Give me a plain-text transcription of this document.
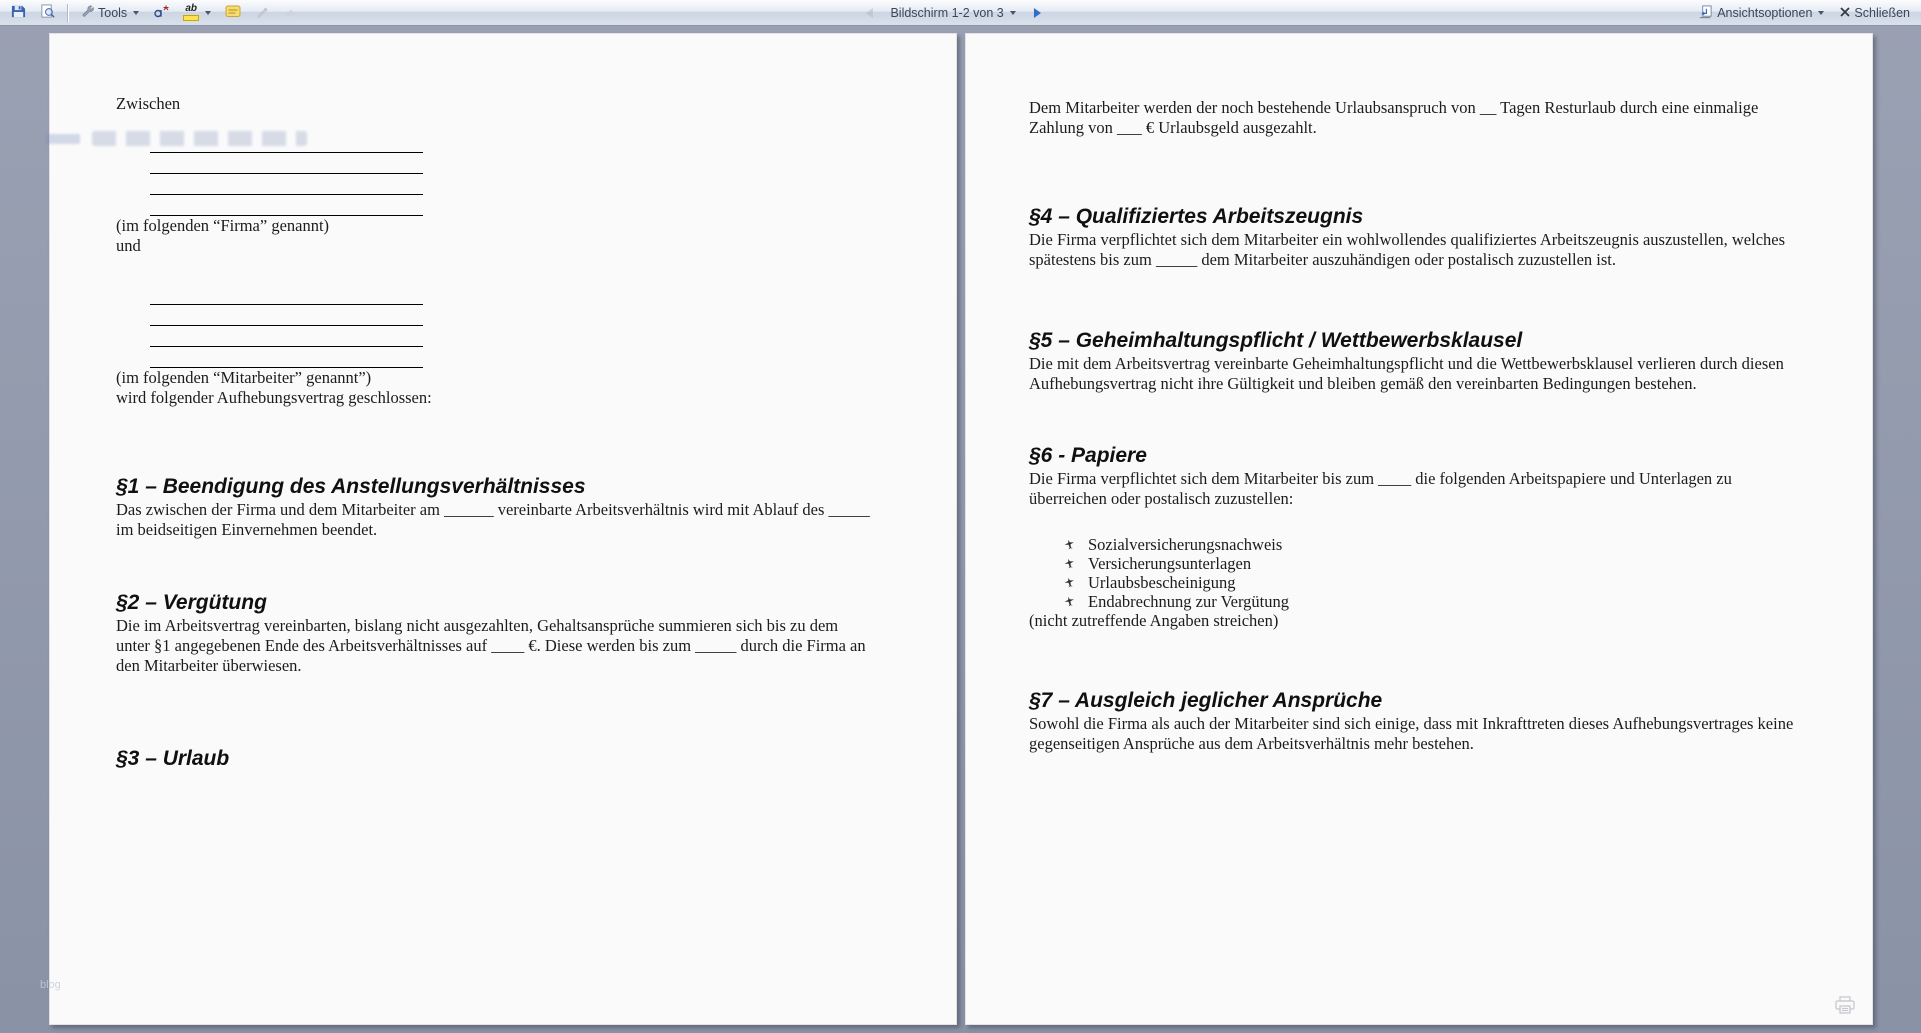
Tools	ab	Bildschirm 1-2 von 3	Ansichtsoptionen	Schließen

Zwischen

(im folgenden “Firma” genannt)

und

(im folgenden “Mitarbeiter” genannt”)

wird folgender Aufhebungsvertrag geschlossen:

§1 – Beendigung des Anstellungsverhältnisses

Das zwischen der Firma und dem Mitarbeiter am ______ vereinbarte Arbeitsverhältnis wird mit Ablauf des _____ im beidseitigen Einvernehmen beendet.

§2 – Vergütung

Die im Arbeitsvertrag vereinbarten, bislang nicht ausgezahlten, Gehaltsansprüche summieren sich bis zu dem unter §1 angegebenen Ende des Arbeitsverhältnisses auf ____ €. Diese werden bis zum _____ durch die Firma an den Mitarbeiter überwiesen.

§3 – Urlaub

Dem Mitarbeiter werden der noch bestehende Urlaubsanspruch von __ Tagen Resturlaub durch eine einmalige Zahlung von ___ € Urlaubsgeld ausgezahlt.

§4 – Qualifiziertes Arbeitszeugnis

Die Firma verpflichtet sich dem Mitarbeiter ein wohlwollendes qualifiziertes Arbeitszeugnis auszustellen, welches spätestens bis zum _____ dem Mitarbeiter auszuhändigen oder postalisch zuzustellen ist.

§5 – Geheimhaltungspflicht / Wettbewerbsklausel

Die mit dem Arbeitsvertrag vereinbarte Geheimhaltungspflicht und die Wettbewerbsklausel verlieren durch diesen Aufhebungsvertrag nicht ihre Gültigkeit und bleiben gemäß den vereinbarten Bedingungen bestehen.

§6 - Papiere

Die Firma verpflichtet sich dem Mitarbeiter bis zum ____ die folgenden Arbeitspapiere und Unterlagen zu überreichen oder postalisch zuzustellen:

Sozialversicherungsnachweis
Versicherungsunterlagen
Urlaubsbescheinigung
Endabrechnung zur Vergütung

(nicht zutreffende Angaben streichen)

§7 – Ausgleich jeglicher Ansprüche

Sowohl die Firma als auch der Mitarbeiter sind sich einige, dass mit Inkrafttreten dieses Aufhebungsvertrages keine gegenseitigen Ansprüche aus dem Arbeitsverhältnis mehr bestehen.

blog
